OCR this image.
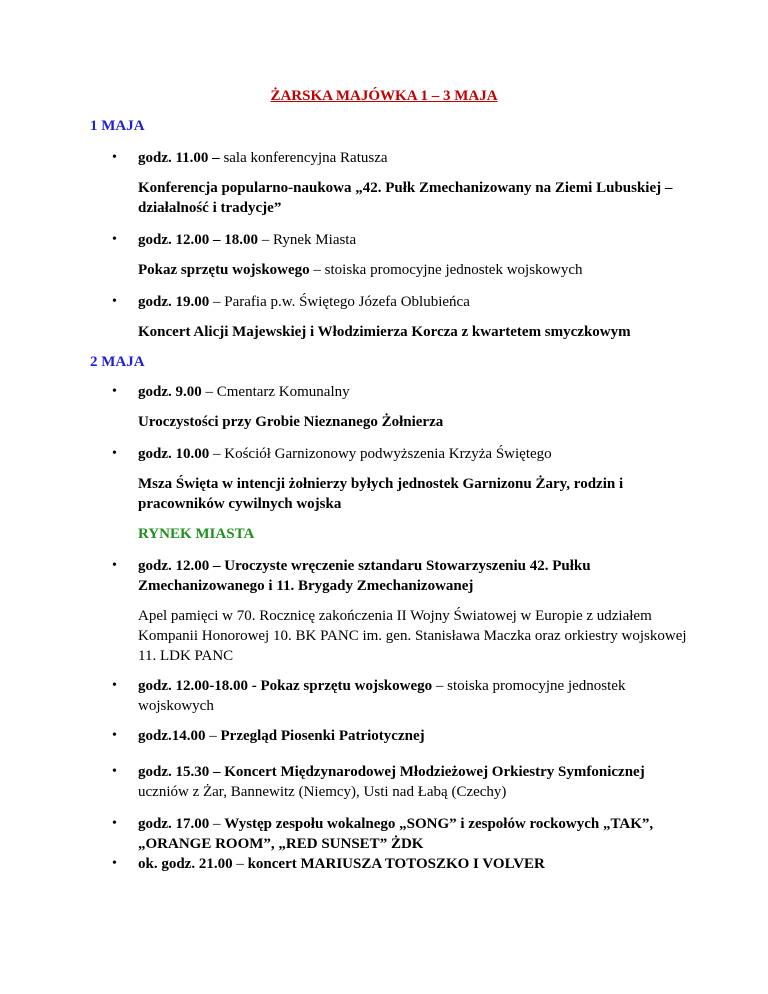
ŻARSKA MAJÓWKA 1 – 3 MAJA
1 MAJA
•	godz. 11.00 – sala konferencyjna Ratusza
Konferencja popularno-naukowa „42. Pułk Zmechanizowany na Ziemi Lubuskiej – działalność i tradycje”
•	godz. 12.00 – 18.00 – Rynek Miasta
Pokaz sprzętu wojskowego – stoiska promocyjne jednostek wojskowych
•	godz. 19.00 – Parafia p.w. Świętego Józefa Oblubieńca
Koncert Alicji Majewskiej i Włodzimierza Korcza z kwartetem smyczkowym
2 MAJA
•	godz. 9.00 – Cmentarz Komunalny
Uroczystości przy Grobie Nieznanego Żołnierza
•	godz. 10.00 – Kościół Garnizonowy podwyższenia Krzyża Świętego
Msza Święta w intencji żołnierzy byłych jednostek Garnizonu Żary, rodzin i pracowników cywilnych wojska
RYNEK MIASTA
•	godz. 12.00 – Uroczyste wręczenie sztandaru Stowarzyszeniu 42. Pułku Zmechanizowanego i 11. Brygady Zmechanizowanej
Apel pamięci w 70. Rocznicę zakończenia II Wojny Światowej w Europie z udziałem Kompanii Honorowej 10. BK PANC im. gen. Stanisława Maczka oraz orkiestry wojskowej 11. LDK PANC
•	godz. 12.00-18.00 - Pokaz sprzętu wojskowego – stoiska promocyjne jednostek wojskowych
•	godz.14.00 – Przegląd Piosenki Patriotycznej
•	godz. 15.30 – Koncert Międzynarodowej Młodzieżowej Orkiestry Symfonicznej
uczniów z Żar, Bannewitz (Niemcy), Usti nad Łabą (Czechy)
•	godz. 17.00 – Występ zespołu wokalnego „SONG” i zespołów rockowych „TAK”, „ORANGE ROOM”, „RED SUNSET” ŻDK
•	ok. godz. 21.00 – koncert MARIUSZA TOTOSZKO I VOLVER
